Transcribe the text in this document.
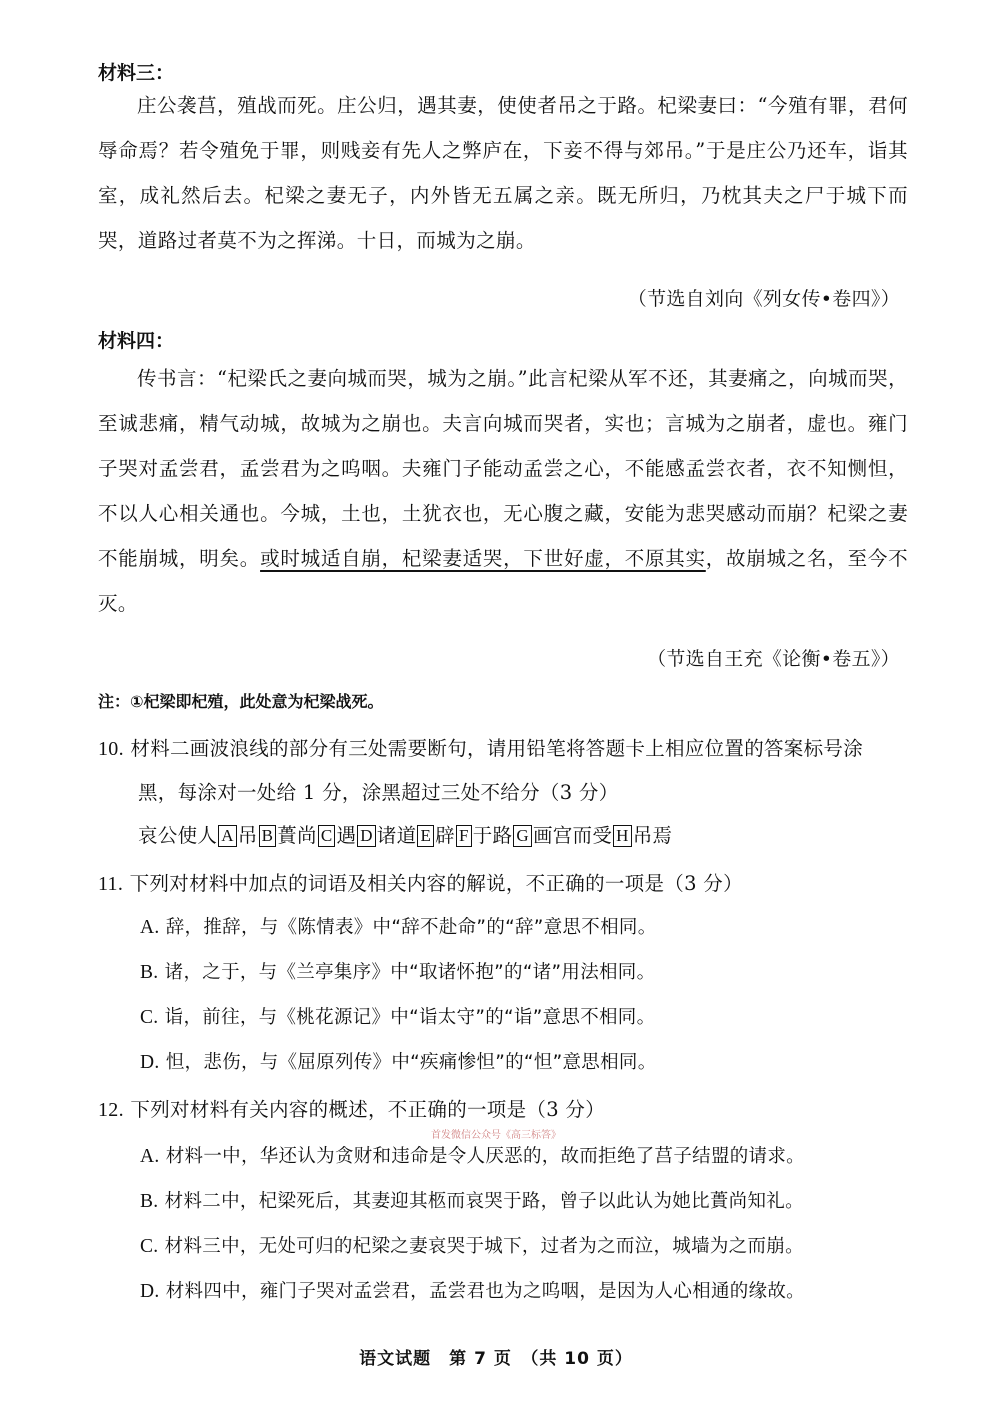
材料三：
庄公袭莒，殖战而死。庄公归，遇其妻，使使者吊之于路。杞梁妻曰：“今殖有罪，君何辱命焉？若令殖免于罪，则贱妾有先人之弊庐在，下妾不得与郊吊。”于是庄公乃还车，诣其室，成礼然后去。杞梁之妻无子，内外皆无五属之亲。既无所归，乃枕其夫之尸于城下而哭，道路过者莫不为之挥涕。十日，而城为之崩。
（节选自刘向《列女传•卷四》）
材料四：
传书言：“杞梁氏之妻向城而哭，城为之崩。”此言杞梁从军不还，其妻痛之，向城而哭，至诚悲痛，精气动城，故城为之崩也。夫言向城而哭者，实也；言城为之崩者，虚也。雍门子哭对孟尝君，孟尝君为之呜咽。夫雍门子能动孟尝之心，不能感孟尝衣者，衣不知恻怛，不以人心相关通也。今城，土也，土犹衣也，无心腹之藏，安能为悲哭感动而崩？杞梁之妻不能崩城，明矣。或时城适自崩，杞梁妻适哭，下世好虚，不原其实，故崩城之名，至今不灭。
（节选自王充《论衡•卷五》）
注：①杞梁即杞殖，此处意为杞梁战死。
10. 材料二画波浪线的部分有三处需要断句，请用铅笔将答题卡上相应位置的答案标号涂
黑，每涂对一处给 1 分，涂黑超过三处不给分（3 分）
哀公使人 A 吊 B 蕢尚 C 遇 D 诸道 E 辟 F 于路 G 画宫而受 H 吊焉
11. 下列对材料中加点的词语及相关内容的解说，不正确的一项是（3 分）
A. 辞，推辞，与《陈情表》中“辞不赴命”的“辞”意思不相同。
B. 诸，之于，与《兰亭集序》中“取诸怀抱”的“诸”用法相同。
C. 诣，前往，与《桃花源记》中“诣太守”的“诣”意思不相同。
D. 怛，悲伤，与《屈原列传》中“疾痛惨怛”的“怛”意思相同。
12. 下列对材料有关内容的概述，不正确的一项是（3 分）
首发微信公众号《高三标答》
A. 材料一中，华还认为贪财和违命是令人厌恶的，故而拒绝了莒子结盟的请求。
B. 材料二中，杞梁死后，其妻迎其柩而哀哭于路，曾子以此认为她比蕢尚知礼。
C. 材料三中，无处可归的杞梁之妻哀哭于城下，过者为之而泣，城墙为之而崩。
D. 材料四中，雍门子哭对孟尝君，孟尝君也为之呜咽，是因为人心相通的缘故。
语文试题　第 7 页　（共 10 页）
